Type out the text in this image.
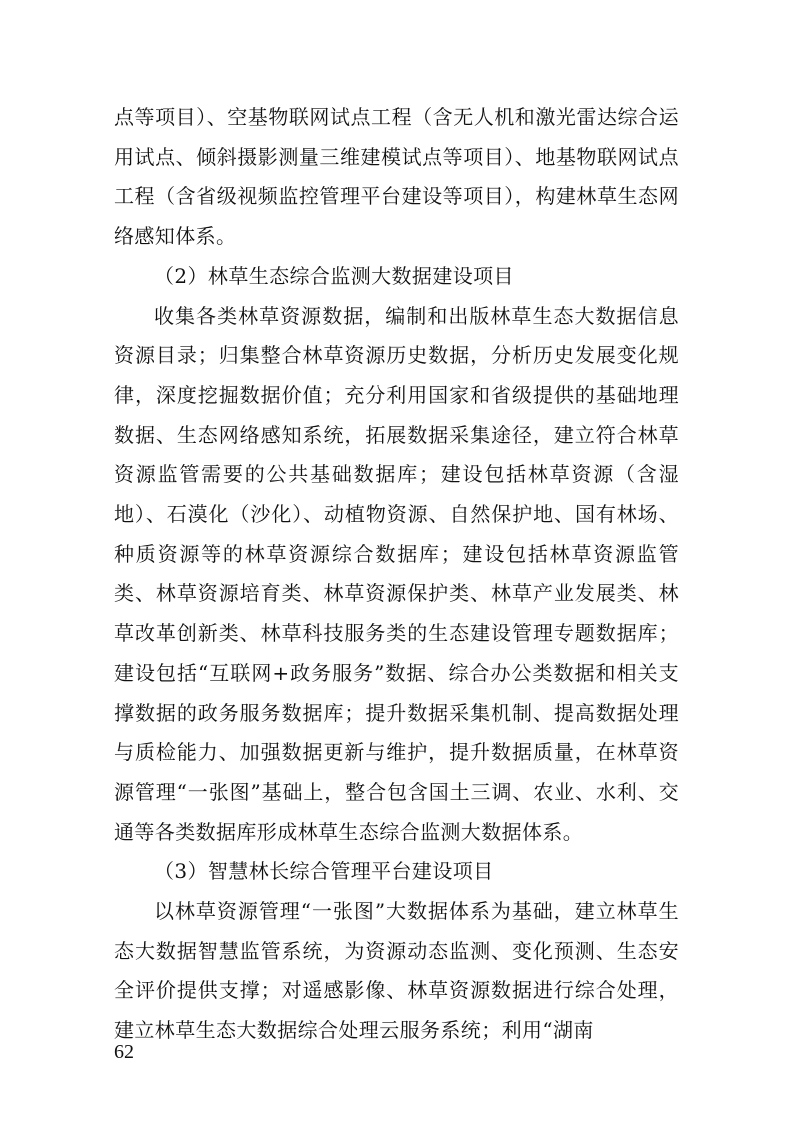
点等项目）、空基物联网试点工程（含无人机和激光雷达综合运用试点、倾斜摄影测量三维建模试点等项目）、地基物联网试点工程（含省级视频监控管理平台建设等项目），构建林草生态网络感知体系。

（2）林草生态综合监测大数据建设项目

收集各类林草资源数据，编制和出版林草生态大数据信息资源目录；归集整合林草资源历史数据，分析历史发展变化规律，深度挖掘数据价值；充分利用国家和省级提供的基础地理数据、生态网络感知系统，拓展数据采集途径，建立符合林草资源监管需要的公共基础数据库；建设包括林草资源（含湿地）、石漠化（沙化）、动植物资源、自然保护地、国有林场、种质资源等的林草资源综合数据库；建设包括林草资源监管类、林草资源培育类、林草资源保护类、林草产业发展类、林草改革创新类、林草科技服务类的生态建设管理专题数据库；建设包括“互联网+政务服务”数据、综合办公类数据和相关支撑数据的政务服务数据库；提升数据采集机制、提高数据处理与质检能力、加强数据更新与维护，提升数据质量，在林草资源管理“一张图”基础上，整合包含国土三调、农业、水利、交通等各类数据库形成林草生态综合监测大数据体系。

（3）智慧林长综合管理平台建设项目

以林草资源管理“一张图”大数据体系为基础，建立林草生态大数据智慧监管系统，为资源动态监测、变化预测、生态安全评价提供支撑；对遥感影像、林草资源数据进行综合处理，建立林草生态大数据综合处理云服务系统；利用“湖南

62
